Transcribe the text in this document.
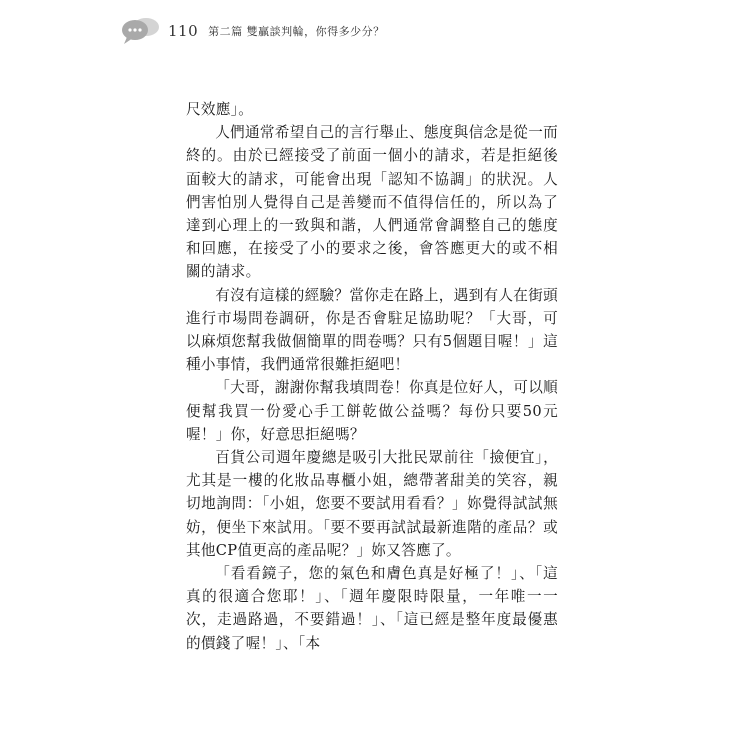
110 第二篇 雙贏談判輪，你得多少分？

尺效應」。

人們通常希望自己的言行舉止、態度與信念是從一而終的。由於已經接受了前面一個小的請求，若是拒絕後面較大的請求，可能會出現「認知不協調」的狀況。人們害怕別人覺得自己是善變而不值得信任的，所以為了達到心理上的一致與和諧，人們通常會調整自己的態度和回應，在接受了小的要求之後，會答應更大的或不相關的請求。

有沒有這樣的經驗？當你走在路上，遇到有人在街頭進行市場問卷調研，你是否會駐足協助呢？「大哥，可以麻煩您幫我做個簡單的問卷嗎？只有5個題目喔！」這種小事情，我們通常很難拒絕吧！

「大哥，謝謝你幫我填問卷！你真是位好人，可以順便幫我買一份愛心手工餅乾做公益嗎？每份只要50元喔！」你，好意思拒絕嗎？

百貨公司週年慶總是吸引大批民眾前往「撿便宜」，尤其是一樓的化妝品專櫃小姐，總帶著甜美的笑容，親切地詢問：「小姐，您要不要試用看看？」妳覺得試試無妨，便坐下來試用。「要不要再試試最新進階的產品？或其他CP值更高的產品呢？」妳又答應了。

「看看鏡子，您的氣色和膚色真是好極了！」、「這真的很適合您耶！」、「週年慶限時限量，一年唯一一次，走過路過，不要錯過！」、「這已經是整年度最優惠的價錢了喔！」、「本
